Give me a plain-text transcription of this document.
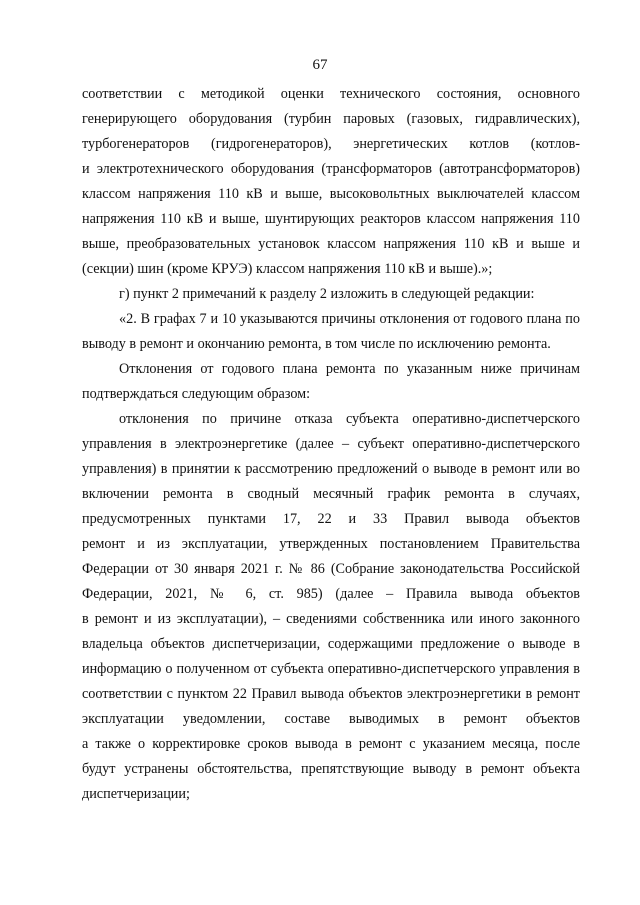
67
соответствии с методикой оценки технического состояния, основного
генерирующего оборудования (турбин паровых (газовых, гидравлических),
турбогенераторов (гидрогенераторов), энергетических котлов (котлов-
и электротехнического оборудования (трансформаторов (автотрансформаторов)
классом напряжения 110 кВ и выше, высоковольтных выключателей классом
напряжения 110 кВ и выше, шунтирующих реакторов классом напряжения 110
выше, преобразовательных установок классом напряжения 110 кВ и выше и
(секции) шин (кроме КРУЭ) классом напряжения 110 кВ и выше).»;
г) пункт 2 примечаний к разделу 2 изложить в следующей редакции:
«2. В графах 7 и 10 указываются причины отклонения от годового плана по
выводу в ремонт и окончанию ремонта, в том числе по исключению ремонта.
Отклонения от годового плана ремонта по указанным ниже причинам
подтверждаться следующим образом:
отклонения по причине отказа субъекта оперативно-диспетчерского
управления в электроэнергетике (далее – субъект оперативно-диспетчерского
управления) в принятии к рассмотрению предложений о выводе в ремонт или во
включении ремонта в сводный месячный график ремонта в случаях,
предусмотренных пунктами 17, 22 и 33 Правил вывода объектов
ремонт и из эксплуатации, утвержденных постановлением Правительства
Федерации от 30 января 2021 г. № 86 (Собрание законодательства Российской
Федерации, 2021, № 6, ст. 985) (далее – Правила вывода объектов
в ремонт и из эксплуатации), – сведениями собственника или иного законного
владельца объектов диспетчеризации, содержащими предложение о выводе в
информацию о полученном от субъекта оперативно-диспетчерского управления в
соответствии с пунктом 22 Правил вывода объектов электроэнергетики в ремонт
эксплуатации уведомлении, составе выводимых в ремонт объектов
а также о корректировке сроков вывода в ремонт с указанием месяца, после
будут устранены обстоятельства, препятствующие выводу в ремонт объекта
диспетчеризации;
